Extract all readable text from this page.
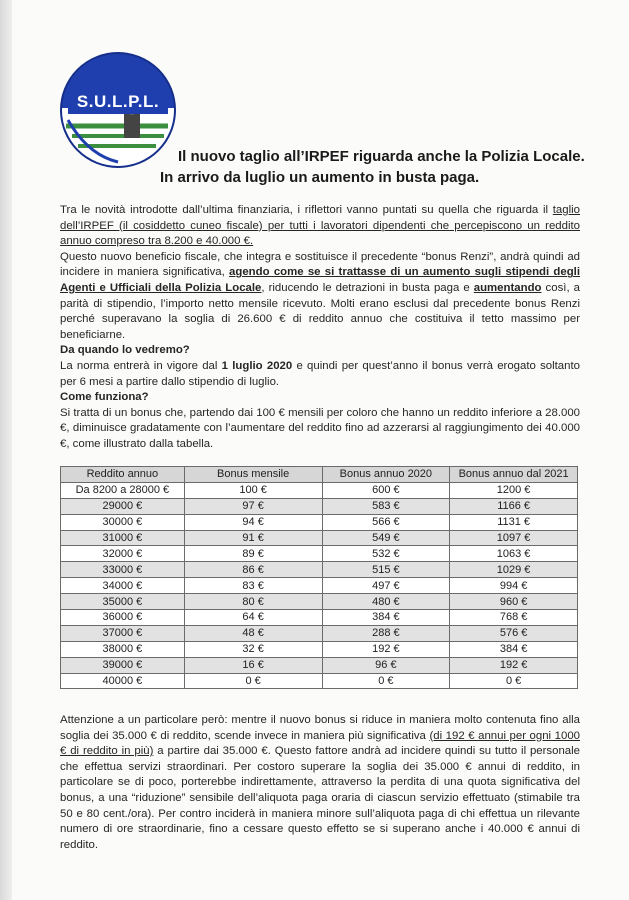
S.U.L.P.L.
Il nuovo taglio all’IRPEF riguarda anche la Polizia Locale.
In arrivo da luglio un aumento in busta paga.

Tra le novità introdotte dall’ultima finanziaria, i riflettori vanno puntati su quella che riguarda il taglio dell’IRPEF (il cosiddetto cuneo fiscale) per tutti i lavoratori dipendenti che percepiscono un reddito annuo compreso tra 8.200 e 40.000 €.

Questo nuovo beneficio fiscale, che integra e sostituisce il precedente “bonus Renzi”, andrà quindi ad incidere in maniera significativa, agendo come se si trattasse di un aumento sugli stipendi degli Agenti e Ufficiali della Polizia Locale, riducendo le detrazioni in busta paga e aumentando così, a parità di stipendio, l’importo netto mensile ricevuto. Molti erano esclusi dal precedente bonus Renzi perché superavano la soglia di 26.600 € di reddito annuo che costituiva il tetto massimo per beneficiarne.

Da quando lo vedremo?

La norma entrerà in vigore dal 1 luglio 2020 e quindi per quest’anno il bonus verrà erogato soltanto per 6 mesi a partire dallo stipendio di luglio.

Come funziona?

Si tratta di un bonus che, partendo dai 100 € mensili per coloro che hanno un reddito inferiore a 28.000 €, diminuisce gradatamente con l’aumentare del reddito fino ad azzerarsi al raggiungimento dei 40.000 €, come illustrato dalla tabella.

Reddito annuo	Bonus mensile	Bonus annuo 2020	Bonus annuo dal 2021
Da 8200 a 28000 €	100 €	600 €	1200 €
29000 €	97 €	583 €	1166 €
30000 €	94 €	566 €	1131 €
31000 €	91 €	549 €	1097 €
32000 €	89 €	532 €	1063 €
33000 €	86 €	515 €	1029 €
34000 €	83 €	497 €	994 €
35000 €	80 €	480 €	960 €
36000 €	64 €	384 €	768 €
37000 €	48 €	288 €	576 €
38000 €	32 €	192 €	384 €
39000 €	16 €	96 €	192 €
40000 €	0 €	0 €	0 €

Attenzione a un particolare però: mentre il nuovo bonus si riduce in maniera molto contenuta fino alla soglia dei 35.000 € di reddito, scende invece in maniera più significativa (di 192 € annui per ogni 1000 € di reddito in più) a partire dai 35.000 €. Questo fattore andrà ad incidere quindi su tutto il personale che effettua servizi straordinari. Per costoro superare la soglia dei 35.000 € annui di reddito, in particolare se di poco, porterebbe indirettamente, attraverso la perdita di una quota significativa del bonus, a una “riduzione” sensibile dell’aliquota paga oraria di ciascun servizio effettuato (stimabile tra 50 e 80 cent./ora). Per contro inciderà in maniera minore sull’aliquota paga di chi effettua un rilevante numero di ore straordinarie, fino a cessare questo effetto se si superano anche i 40.000 € annui di reddito.
